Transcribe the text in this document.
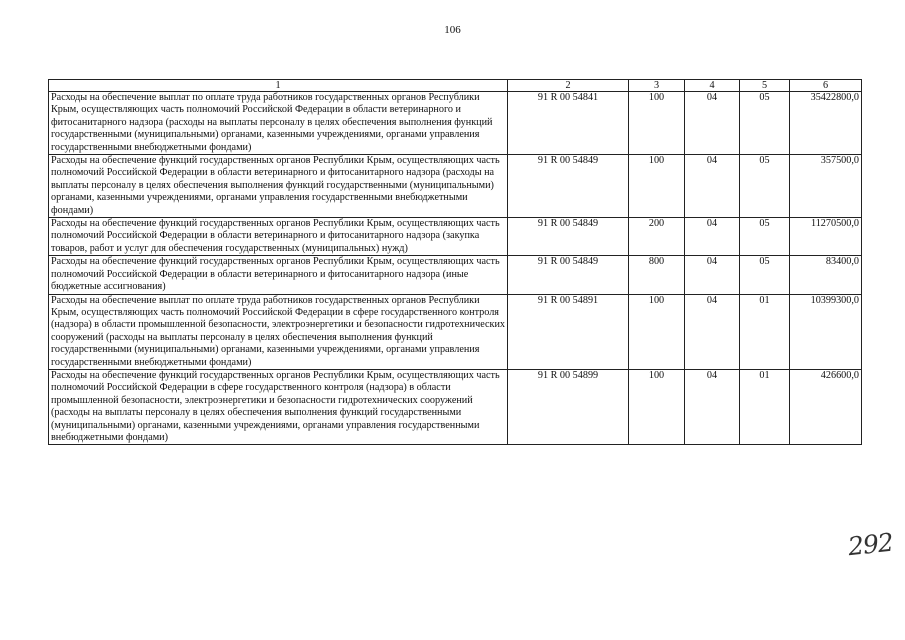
106
1	2	3	4	5	6
Расходы на обеспечение выплат по оплате труда работников государственных органов Республики Крым, осуществляющих часть полномочий Российской Федерации в области ветеринарного и фитосанитарного надзора (расходы на выплаты персоналу в целях обеспечения выполнения функций государственными (муниципальными) органами, казенными учреждениями, органами управления государственными внебюджетными фондами)	91 R 00 54841	100	04	05	35422800,0
Расходы на обеспечение функций государственных органов Республики Крым, осуществляющих часть полномочий Российской Федерации в области ветеринарного и фитосанитарного надзора (расходы на выплаты персоналу в целях обеспечения выполнения функций государственными (муниципальными) органами, казенными учреждениями, органами управления государственными внебюджетными фондами)	91 R 00 54849	100	04	05	357500,0
Расходы на обеспечение функций государственных органов Республики Крым, осуществляющих часть полномочий Российской Федерации в области ветеринарного и фитосанитарного надзора (закупка товаров, работ и услуг для обеспечения государственных (муниципальных) нужд)	91 R 00 54849	200	04	05	11270500,0
Расходы на обеспечение функций государственных органов Республики Крым, осуществляющих часть полномочий Российской Федерации в области ветеринарного и фитосанитарного надзора (иные бюджетные ассигнования)	91 R 00 54849	800	04	05	83400,0
Расходы на обеспечение выплат по оплате труда работников государственных органов Республики Крым, осуществляющих часть полномочий Российской Федерации в сфере государственного контроля (надзора) в области промышленной безопасности, электроэнергетики и безопасности гидротехнических сооружений (расходы на выплаты персоналу в целях обеспечения выполнения функций государственными (муниципальными) органами, казенными учреждениями, органами управления государственными внебюджетными фондами)	91 R 00 54891	100	04	01	10399300,0
Расходы на обеспечение функций государственных органов Республики Крым, осуществляющих часть полномочий Российской Федерации в сфере государственного контроля (надзора) в области промышленной безопасности, электроэнергетики и безопасности гидротехнических сооружений (расходы на выплаты персоналу в целях обеспечения выполнения функций государственными (муниципальными) органами, казенными учреждениями, органами управления государственными внебюджетными фондами)	91 R 00 54899	100	04	01	426600,0
292
